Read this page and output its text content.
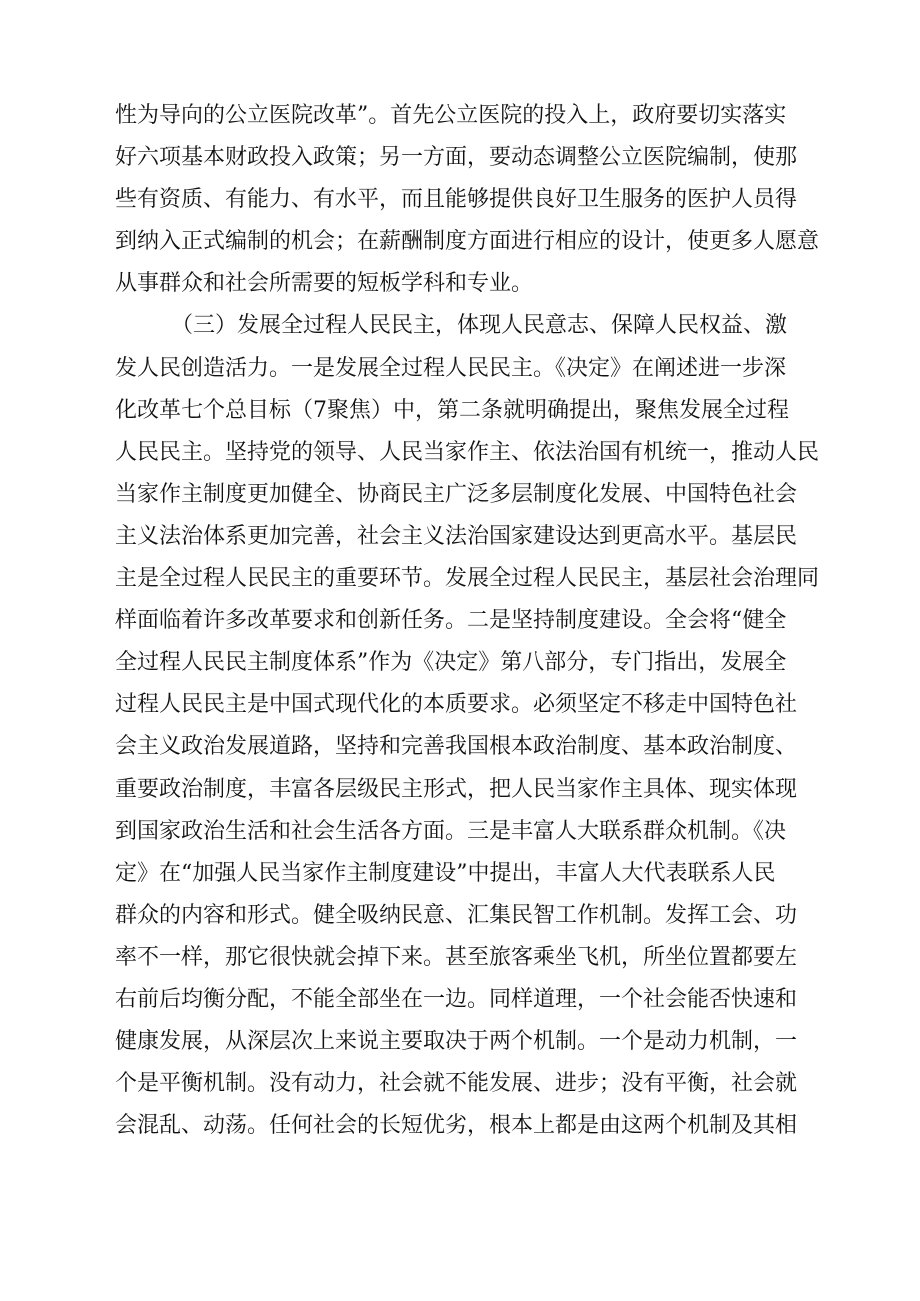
性为导向的公立医院改革”。首先公立医院的投入上，政府要切实落实
好六项基本财政投入政策；另一方面，要动态调整公立医院编制，使那
些有资质、有能力、有水平，而且能够提供良好卫生服务的医护人员得
到纳入正式编制的机会；在薪酬制度方面进行相应的设计，使更多人愿意
从事群众和社会所需要的短板学科和专业。
（三）发展全过程人民民主，体现人民意志、保障人民权益、激
发人民创造活力。一是发展全过程人民民主。《决定》在阐述进一步深
化改革七个总目标（7聚焦）中，第二条就明确提出，聚焦发展全过程
人民民主。坚持党的领导、人民当家作主、依法治国有机统一，推动人民
当家作主制度更加健全、协商民主广泛多层制度化发展、中国特色社会
主义法治体系更加完善，社会主义法治国家建设达到更高水平。基层民
主是全过程人民民主的重要环节。发展全过程人民民主，基层社会治理同
样面临着许多改革要求和创新任务。二是坚持制度建设。全会将“健全
全过程人民民主制度体系”作为《决定》第八部分，专门指出，发展全
过程人民民主是中国式现代化的本质要求。必须坚定不移走中国特色社
会主义政治发展道路，坚持和完善我国根本政治制度、基本政治制度、
重要政治制度，丰富各层级民主形式，把人民当家作主具体、现实体现
到国家政治生活和社会生活各方面。三是丰富人大联系群众机制。《决
定》在“加强人民当家作主制度建设”中提出，丰富人大代表联系人民
群众的内容和形式。健全吸纳民意、汇集民智工作机制。发挥工会、功
率不一样，那它很快就会掉下来。甚至旅客乘坐飞机，所坐位置都要左
右前后均衡分配，不能全部坐在一边。同样道理，一个社会能否快速和
健康发展，从深层次上来说主要取决于两个机制。一个是动力机制，一
个是平衡机制。没有动力，社会就不能发展、进步；没有平衡，社会就
会混乱、动荡。任何社会的长短优劣，根本上都是由这两个机制及其相
